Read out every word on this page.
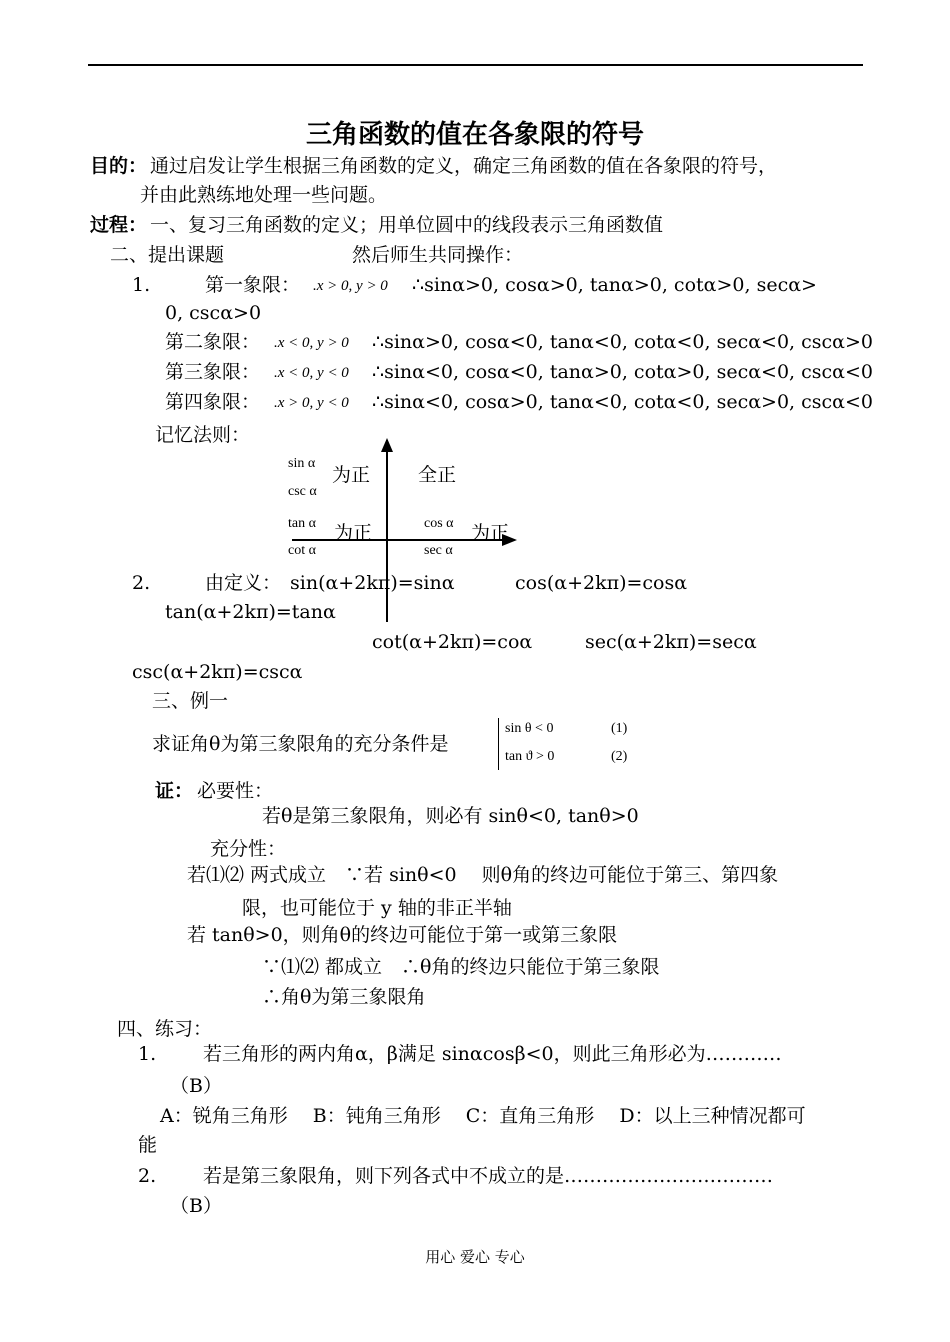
三角函数的值在各象限的符号
目的： 通过启发让学生根据三角函数的定义，确定三角函数的值在各象限的符号，
并由此熟练地处理一些问题。
过程： 一、复习三角函数的定义；用单位圆中的线段表示三角函数值
二、提出课题	然后师生共同操作：
1.	第一象限： .x > 0, y > 0 ∴sinα>0, cosα>0, tanα>0, cotα>0, secα>
0, cscα>0
第二象限： .x < 0, y > 0 ∴sinα>0, cosα<0, tanα<0, cotα<0, secα<0, cscα>0
第三象限： .x < 0, y < 0 ∴sinα<0, cosα<0, tanα>0, cotα>0, secα<0, cscα<0
第四象限： .x > 0, y < 0 ∴sinα<0, cosα>0, tanα<0, cotα<0, secα>0, cscα<0
记忆法则：
sin α
csc α
为正	全正
tan α
cot α
为正	cos α
sec α
为正
2.	由定义： sin(α+2kπ)=sinα	cos(α+2kπ)=cosα
tan(α+2kπ)=tanα
cot(α+2kπ)=coα	sec(α+2kπ)=secα
csc(α+2kπ)=cscα
三、例一
求证角θ为第三象限角的充分条件是
sin θ < 0	(1)
tan ϑ > 0	(2)
证： 必要性：
若θ是第三象限角，则必有 sinθ<0, tanθ>0
充分性：
若⑴⑵ 两式成立　∵若 sinθ<0　 则θ角的终边可能位于第三、第四象
限，也可能位于 y 轴的非正半轴
若 tanθ>0，则角θ的终边可能位于第一或第三象限
∵⑴⑵ 都成立　∴θ角的终边只能位于第三象限
∴角θ为第三象限角
四、练习：
1. 若三角形的两内角α，β满足 sinαcosβ<0，则此三角形必为…………
（B）
A：锐角三角形　 B：钝角三角形　 C：直角三角形　 D：以上三种情况都可
能
2. 若是第三象限角，则下列各式中不成立的是……………………………
（B）
用心 爱心 专心
